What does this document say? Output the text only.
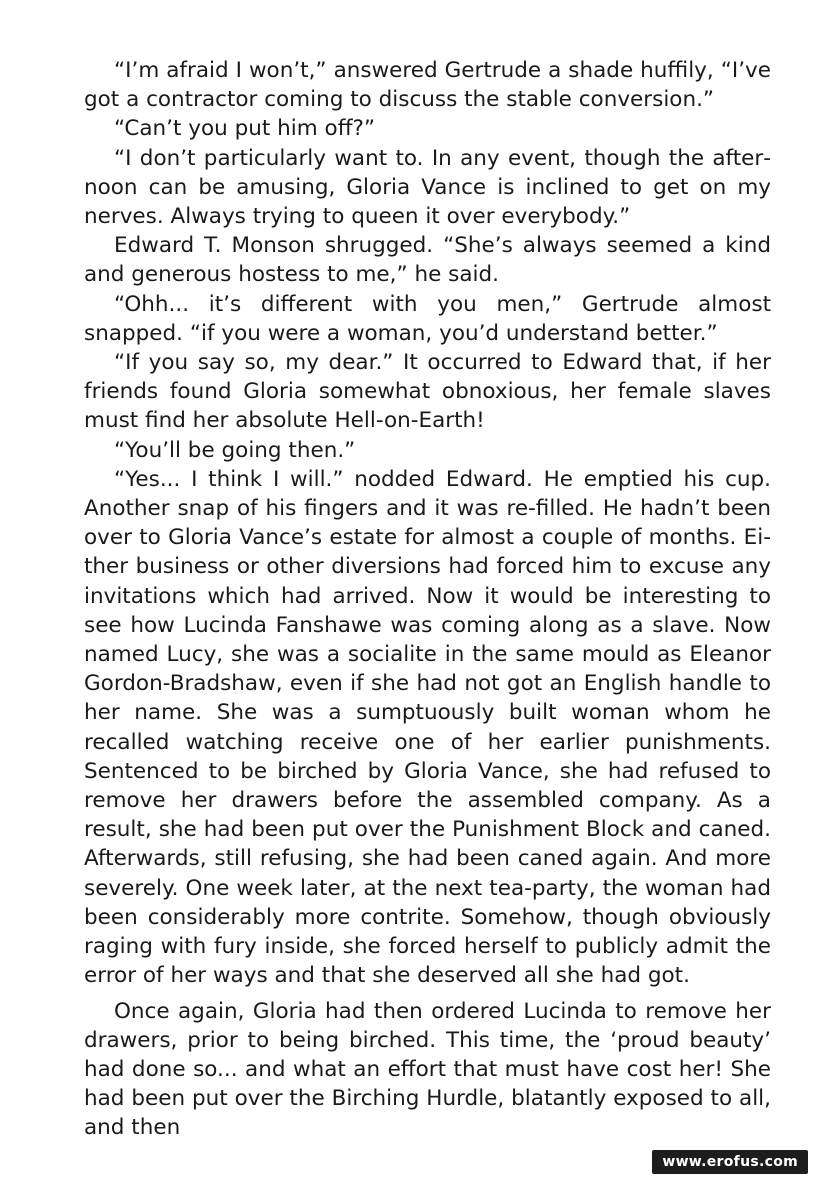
“I’m afraid I won’t,” answered Gertrude a shade huffily, “I’ve got a contractor coming to discuss the stable conversion.”

“Can’t you put him off?”

“I don’t particularly want to. In any event, though the afternoon can be amusing, Gloria Vance is inclined to get on my nerves. Always trying to queen it over everybody.”

Edward T. Monson shrugged. “She’s always seemed a kind and generous hostess to me,” he said.

“Ohh... it’s different with you men,” Gertrude almost snapped. “if you were a woman, you’d understand better.”

“If you say so, my dear.” It occurred to Edward that, if her friends found Gloria somewhat obnoxious, her female slaves must find her absolute Hell-on-Earth!

“You’ll be going then.”

“Yes... I think I will.” nodded Edward. He emptied his cup. Another snap of his fingers and it was re-filled. He hadn’t been over to Gloria Vance’s estate for almost a couple of months. Either business or other diversions had forced him to excuse any invitations which had arrived. Now it would be interesting to see how Lucinda Fanshawe was coming along as a slave. Now named Lucy, she was a socialite in the same mould as Eleanor Gordon-Bradshaw, even if she had not got an English handle to her name. She was a sumptuously built woman whom he recalled watching receive one of her earlier punishments. Sentenced to be birched by Gloria Vance, she had refused to remove her drawers before the assembled company. As a result, she had been put over the Punishment Block and caned. Afterwards, still refusing, she had been caned again. And more severely. One week later, at the next tea-party, the woman had been considerably more contrite. Somehow, though obviously raging with fury inside, she forced herself to publicly admit the error of her ways and that she deserved all she had got.

Once again, Gloria had then ordered Lucinda to remove her drawers, prior to being birched. This time, the ‘proud beauty’ had done so... and what an effort that must have cost her! She had been put over the Birching Hurdle, blatantly exposed to all, and then

www.erofus.com
